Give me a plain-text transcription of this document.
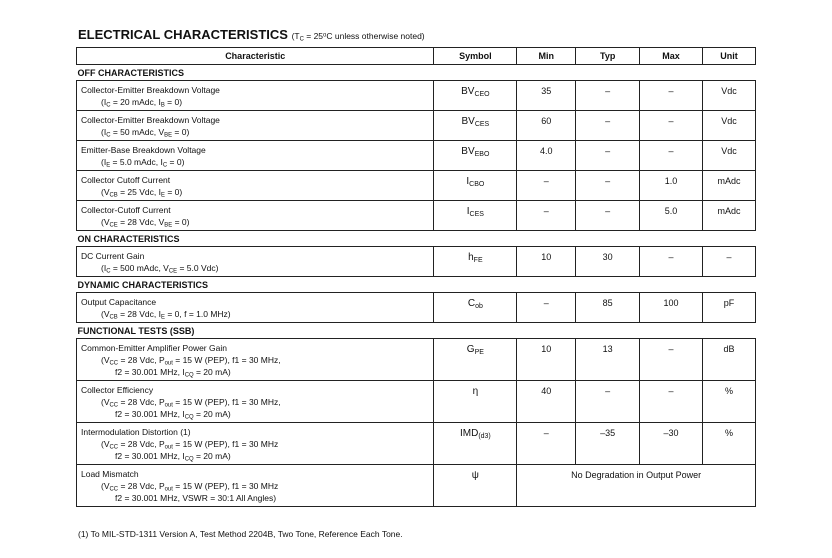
ELECTRICAL CHARACTERISTICS ($T_C = 25^oC$ unless otherwise noted)
Characteristic	Symbol	Min	Typ	Max	Unit
OFF CHARACTERISTICS					
Collector-Emitter Breakdown Voltage
($I_C = 20$ mAdc, $I_B = 0$)	$BV_{CEO}$	35	–	–	Vdc
Collector-Emitter Breakdown Voltage
($I_C = 50$ mAdc, $V_{BE} = 0$)	$BV_{CES}$	60	–	–	Vdc
Emitter-Base Breakdown Voltage
($I_E = 5.0$ mAdc, $I_C = 0$)	$BV_{EBO}$	4.0	–	–	Vdc
Collector Cutoff Current
($V_{CB} = 25$ Vdc, $I_E = 0$)	$I_{CBO}$	–	–	1.0	mAdc
Collector-Cutoff Current
($V_{CE} = 28$ Vdc, $V_{BE} = 0$)	$I_{CES}$	–	–	5.0	mAdc
ON CHARACTERISTICS					
DC Current Gain
($I_C = 500$ mAdc, $V_{CE} = 5.0$ Vdc)	$h_{FE}$	10	30	–	–
DYNAMIC CHARACTERISTICS					
Output Capacitance
($V_{CB} = 28$ Vdc, $I_E = 0$, f = 1.0 MHz)	$C_{ob}$	–	85	100	pF
FUNCTIONAL TESTS (SSB)					
Common-Emitter Amplifier Power Gain
($V_{CC} = 28$ Vdc, $P_{out} = 15$ W (PEP), f1 = 30 MHz,
f2 = 30.001 MHz, $I_{CQ} = 20$ mA)	$G_{PE}$	10	13	–	dB
Collector Efficiency
($V_{CC} = 28$ Vdc, $P_{out} = 15$ W (PEP), f1 = 30 MHz,
f2 = 30.001 MHz, $I_{CQ} = 20$ mA)	η	40	–	–	%
Intermodulation Distortion (1)
($V_{CC} = 28$ Vdc, $P_{out} = 15$ W (PEP), f1 = 30 MHz
f2 = 30.001 MHz, $I_{CQ} = 20$ mA)	$IMD_{(d3)}$	–	–35	–30	%
Load Mismatch
($V_{CC} = 28$ Vdc, $P_{out} = 15$ W (PEP), f1 = 30 MHz
f2 = 30.001 MHz, VSWR = 30:1 All Angles)	ψ	No Degradation in Output Power			
(1) To MIL-STD-1311 Version A, Test Method 2204B, Two Tone, Reference Each Tone.
